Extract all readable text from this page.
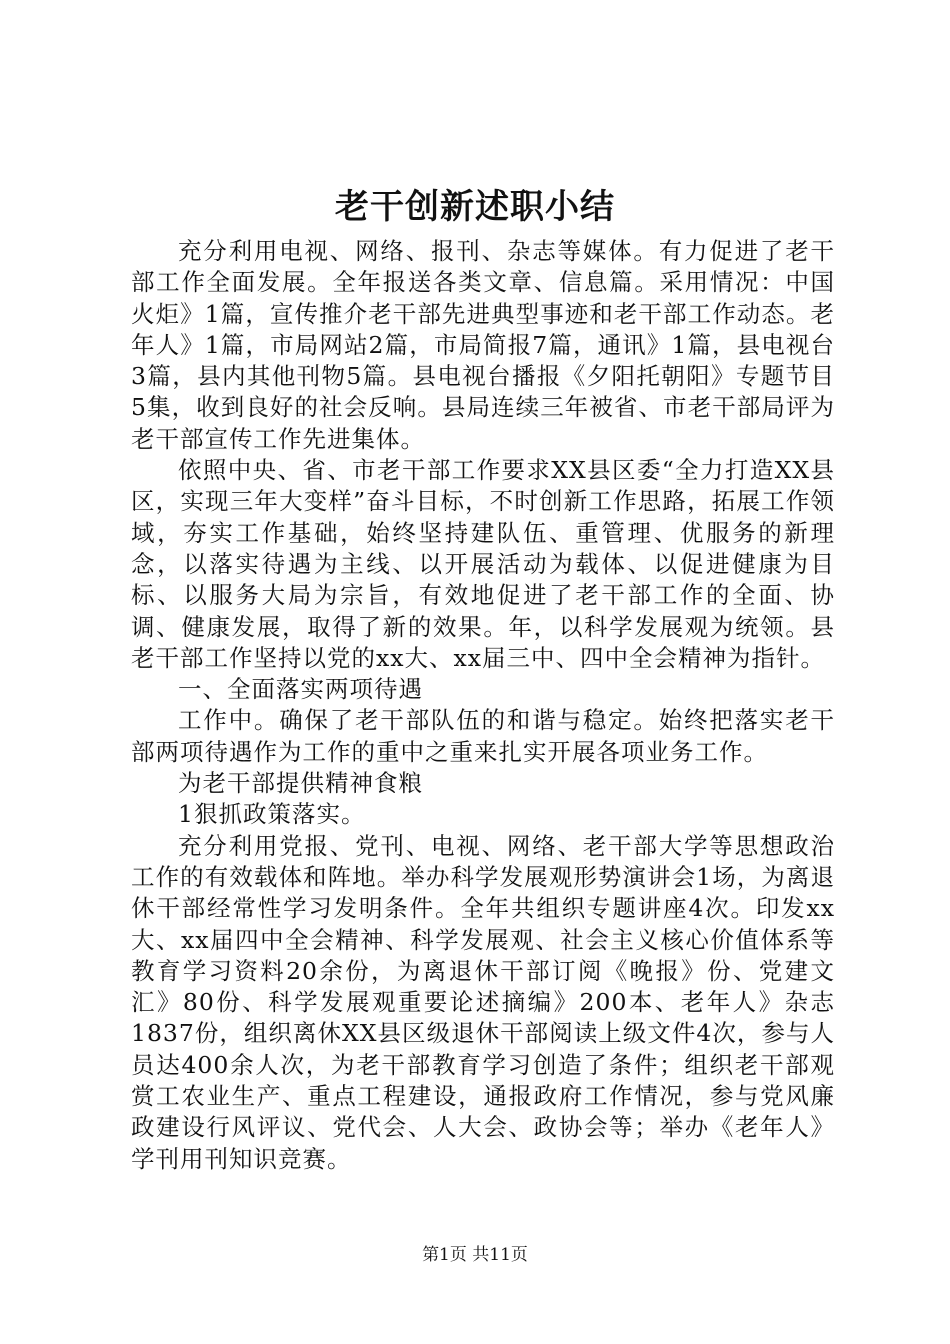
老干创新述职小结

充分利用电视、网络、报刊、杂志等媒体。有力促进了老干部工作全面发展。全年报送各类文章、信息篇。采用情况：中国火炬》1篇，宣传推介老干部先进典型事迹和老干部工作动态。老年人》1篇，市局网站2篇，市局简报7篇，通讯》1篇，县电视台3篇，县内其他刊物5篇。县电视台播报《夕阳托朝阳》专题节目5集，收到良好的社会反响。县局连续三年被省、市老干部局评为老干部宣传工作先进集体。

依照中央、省、市老干部工作要求XX县区委“全力打造XX县区，实现三年大变样”奋斗目标，不时创新工作思路，拓展工作领域，夯实工作基础，始终坚持建队伍、重管理、优服务的新理念，以落实待遇为主线、以开展活动为载体、以促进健康为目标、以服务大局为宗旨，有效地促进了老干部工作的全面、协调、健康发展，取得了新的效果。年，以科学发展观为统领。县老干部工作坚持以党的xx大、xx届三中、四中全会精神为指针。

一、全面落实两项待遇

工作中。确保了老干部队伍的和谐与稳定。始终把落实老干部两项待遇作为工作的重中之重来扎实开展各项业务工作。

为老干部提供精神食粮

1狠抓政策落实。

充分利用党报、党刊、电视、网络、老干部大学等思想政治工作的有效载体和阵地。举办科学发展观形势演讲会1场，为离退休干部经常性学习发明条件。全年共组织专题讲座4次。印发xx大、xx届四中全会精神、科学发展观、社会主义核心价值体系等教育学习资料20余份，为离退休干部订阅《晚报》份、党建文汇》80份、科学发展观重要论述摘编》200本、老年人》杂志1837份，组织离休XX县区级退休干部阅读上级文件4次，参与人员达400余人次，为老干部教育学习创造了条件；组织老干部观赏工农业生产、重点工程建设，通报政府工作情况，参与党风廉政建设行风评议、党代会、人大会、政协会等；举办《老年人》学刊用刊知识竞赛。

第1页 共11页
